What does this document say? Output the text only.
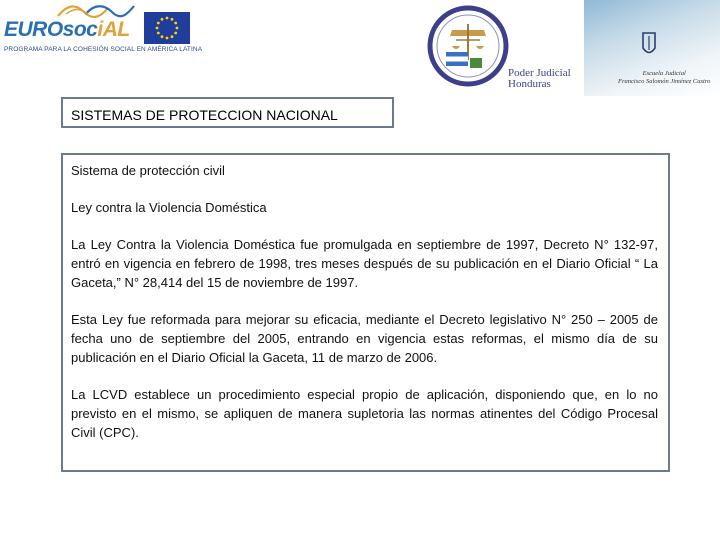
EUROsociAL
PROGRAMA PARA LA COHESIÓN SOCIAL EN AMÉRICA LATINA
Poder Judicial
Honduras
Escuela Judicial
Francisco Salomón Jiménez Castro
SISTEMAS DE PROTECCION NACIONAL

Sistema de protección civil

Ley contra la Violencia Doméstica

La Ley Contra la Violencia Doméstica fue promulgada en septiembre de 1997, Decreto N° 132-97, entró en vigencia en febrero de 1998, tres meses después de su publicación en el Diario Oficial “ La Gaceta,” N° 28,414 del 15 de noviembre de 1997.

Esta Ley fue reformada para mejorar su eficacia, mediante el Decreto legislativo N° 250 – 2005 de fecha uno de septiembre del 2005, entrando en vigencia estas reformas, el mismo día de su publicación en el Diario Oficial la Gaceta, 11 de marzo de 2006.

La LCVD establece un procedimiento especial propio de aplicación, disponiendo que, en lo no previsto en el mismo, se apliquen de manera supletoria las normas atinentes del Código Procesal Civil (CPC).
